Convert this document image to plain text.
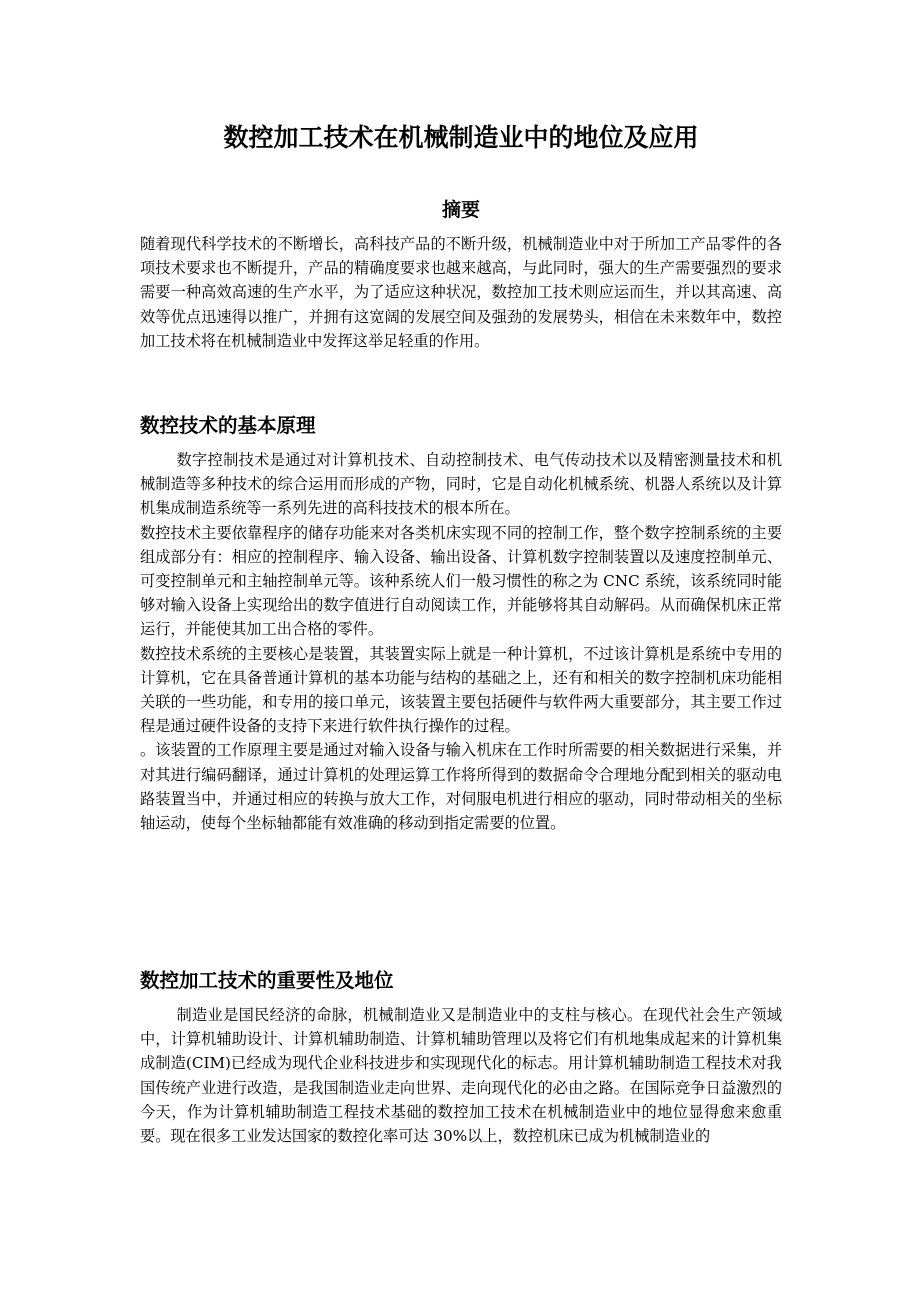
数控加工技术在机械制造业中的地位及应用
摘要

随着现代科学技术的不断增长，高科技产品的不断升级，机械制造业中对于所加工产品零件的各项技术要求也不断提升，产品的精确度要求也越来越高，与此同时，强大的生产需要强烈的要求需要一种高效高速的生产水平，为了适应这种状况，数控加工技术则应运而生，并以其高速、高效等优点迅速得以推广，并拥有这宽阔的发展空间及强劲的发展势头，相信在未来数年中，数控加工技术将在机械制造业中发挥这举足轻重的作用。

数控技术的基本原理

数字控制技术是通过对计算机技术、自动控制技术、电气传动技术以及精密测量技术和机械制造等多种技术的综合运用而形成的产物，同时，它是自动化机械系统、机器人系统以及计算机集成制造系统等一系列先进的高科技技术的根本所在。

数控技术主要依靠程序的储存功能来对各类机床实现不同的控制工作，整个数字控制系统的主要组成部分有：相应的控制程序、输入设备、输出设备、计算机数字控制装置以及速度控制单元、可变控制单元和主轴控制单元等。该种系统人们一般习惯性的称之为 CNC 系统，该系统同时能够对输入设备上实现给出的数字值进行自动阅读工作，并能够将其自动解码。从而确保机床正常运行，并能使其加工出合格的零件。

数控技术系统的主要核心是装置，其装置实际上就是一种计算机，不过该计算机是系统中专用的计算机，它在具备普通计算机的基本功能与结构的基础之上，还有和相关的数字控制机床功能相关联的一些功能，和专用的接口单元，该装置主要包括硬件与软件两大重要部分，其主要工作过程是通过硬件设备的支持下来进行软件执行操作的过程。

。该装置的工作原理主要是通过对输入设备与输入机床在工作时所需要的相关数据进行采集，并对其进行编码翻译，通过计算机的处理运算工作将所得到的数据命令合理地分配到相关的驱动电路装置当中，并通过相应的转换与放大工作，对伺服电机进行相应的驱动，同时带动相关的坐标轴运动，使每个坐标轴都能有效准确的移动到指定需要的位置。

数控加工技术的重要性及地位

制造业是国民经济的命脉，机械制造业又是制造业中的支柱与核心。在现代社会生产领域中，计算机辅助设计、计算机辅助制造、计算机辅助管理以及将它们有机地集成起来的计算机集成制造(CIM)已经成为现代企业科技进步和实现现代化的标志。用计算机辅助制造工程技术对我国传统产业进行改造，是我国制造业走向世界、走向现代化的必由之路。在国际竞争日益激烈的今天，作为计算机辅助制造工程技术基础的数控加工技术在机械制造业中的地位显得愈来愈重要。现在很多工业发达国家的数控化率可达 30%以上，数控机床已成为机械制造业的
